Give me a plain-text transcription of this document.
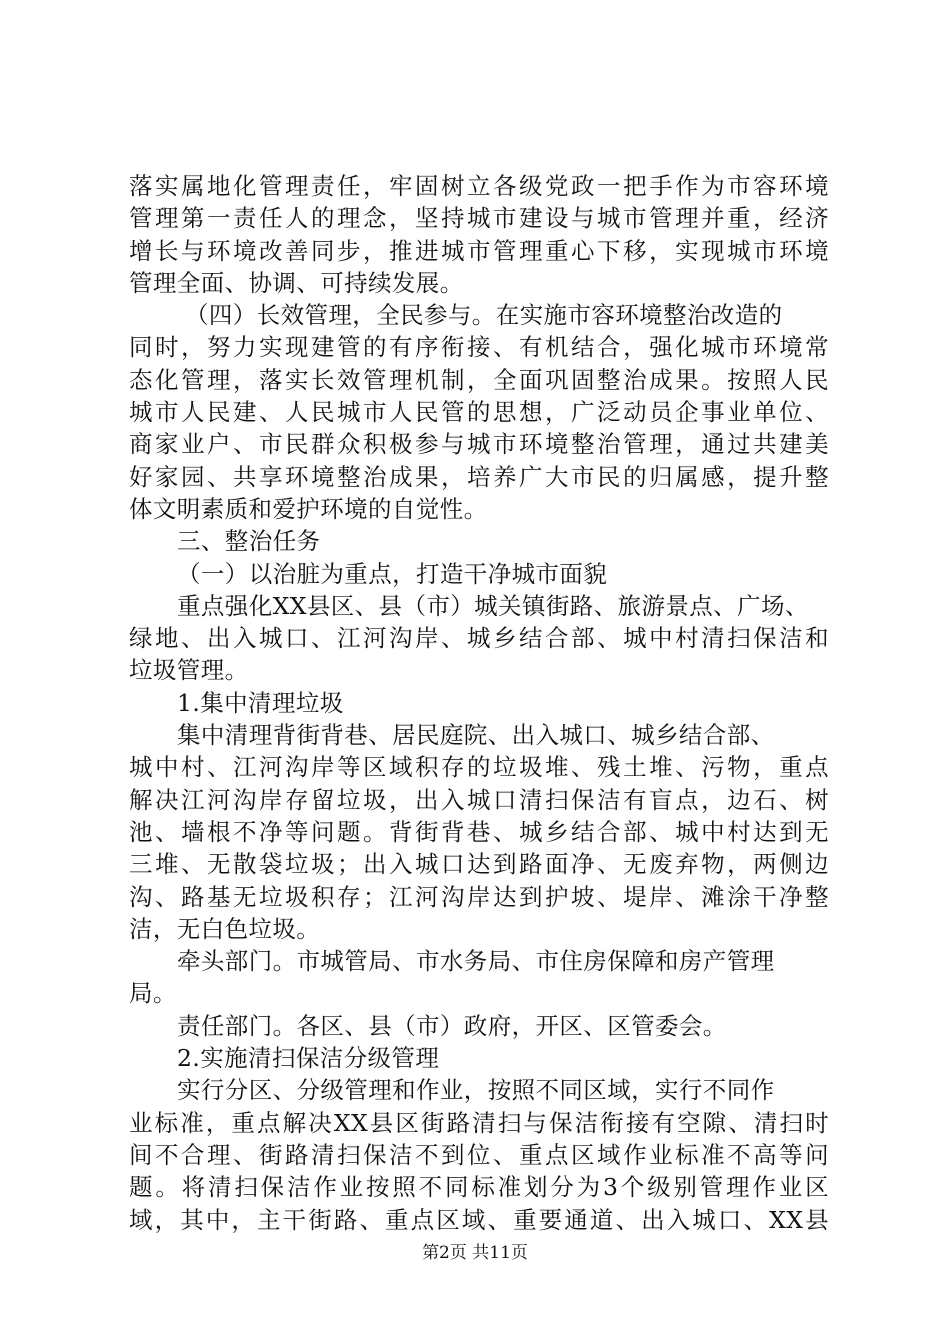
落实属地化管理责任，牢固树立各级党政一把手作为市容环境
管理第一责任人的理念，坚持城市建设与城市管理并重，经济
增长与环境改善同步，推进城市管理重心下移，实现城市环境
管理全面、协调、可持续发展。
（四）长效管理，全民参与。在实施市容环境整治改造的
同时，努力实现建管的有序衔接、有机结合，强化城市环境常
态化管理，落实长效管理机制，全面巩固整治成果。按照人民
城市人民建、人民城市人民管的思想，广泛动员企事业单位、
商家业户、市民群众积极参与城市环境整治管理，通过共建美
好家园、共享环境整治成果，培养广大市民的归属感，提升整
体文明素质和爱护环境的自觉性。
三、整治任务
（一）以治脏为重点，打造干净城市面貌
重点强化XX县区、县（市）城关镇街路、旅游景点、广场、
绿地、出入城口、江河沟岸、城乡结合部、城中村清扫保洁和
垃圾管理。
1.集中清理垃圾
集中清理背街背巷、居民庭院、出入城口、城乡结合部、
城中村、江河沟岸等区域积存的垃圾堆、残土堆、污物，重点
解决江河沟岸存留垃圾，出入城口清扫保洁有盲点，边石、树
池、墙根不净等问题。背街背巷、城乡结合部、城中村达到无
三堆、无散袋垃圾；出入城口达到路面净、无废弃物，两侧边
沟、路基无垃圾积存；江河沟岸达到护坡、堤岸、滩涂干净整
洁，无白色垃圾。
牵头部门。市城管局、市水务局、市住房保障和房产管理
局。
责任部门。各区、县（市）政府，开区、区管委会。
2.实施清扫保洁分级管理
实行分区、分级管理和作业，按照不同区域，实行不同作
业标准，重点解决XX县区街路清扫与保洁衔接有空隙、清扫时
间不合理、街路清扫保洁不到位、重点区域作业标准不高等问
题。将清扫保洁作业按照不同标准划分为3个级别管理作业区
域，其中，主干街路、重点区域、重要通道、出入城口、XX县
第2页 共11页
